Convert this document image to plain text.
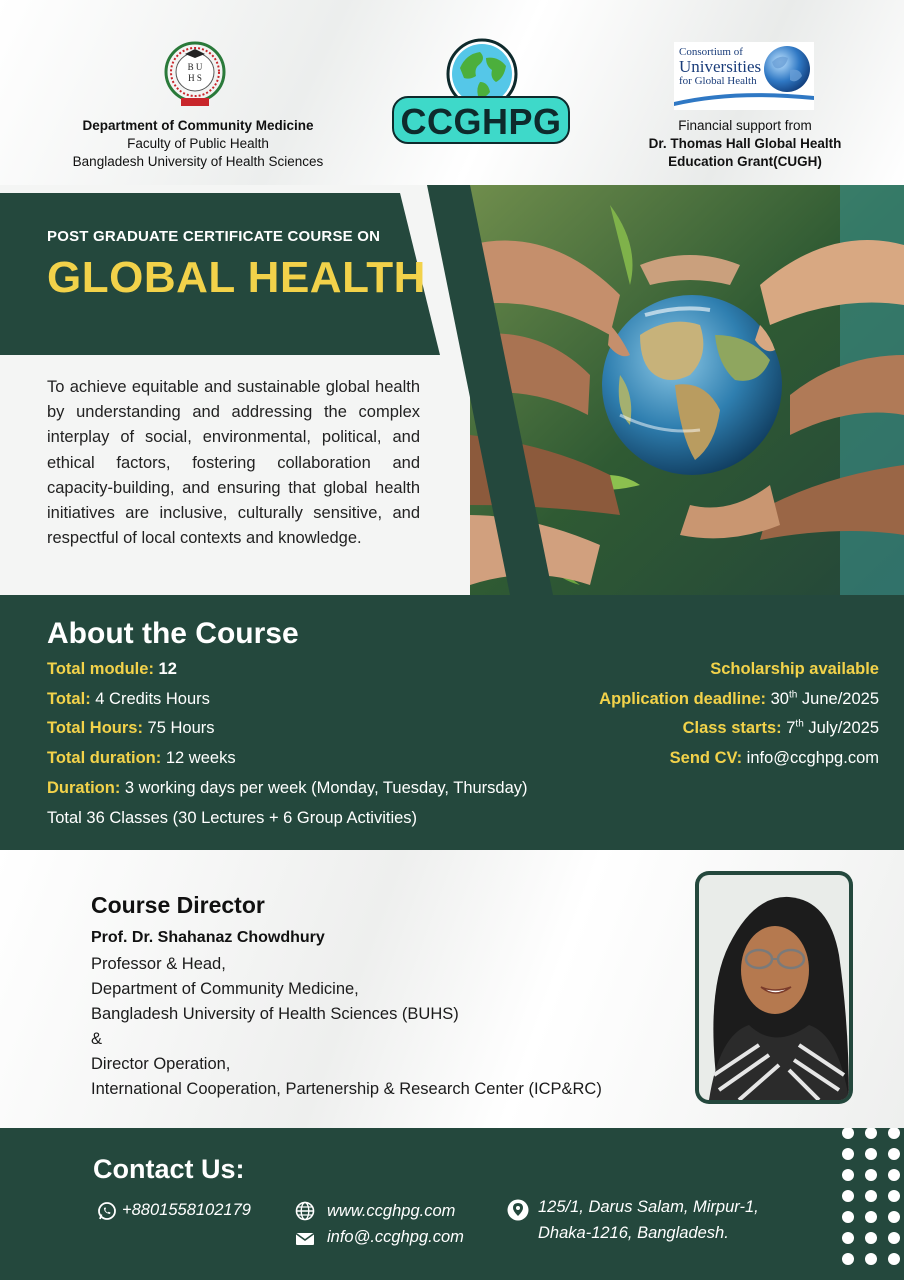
B U
H S
Department of Community Medicine
Faculty of Public Health
Bangladesh University of Health Sciences
CCGHPG
Consortium of
Universities
for Global Health
Financial support from
Dr. Thomas Hall Global Health
Education Grant(CUGH)
POST GRADUATE CERTIFICATE COURSE ON
GLOBAL HEALTH

To achieve equitable and sustainable global health by understanding and addressing the complex interplay of social, environmental, political, and ethical factors, fostering collaboration and capacity-building, and ensuring that global health initiatives are inclusive, culturally sensitive, and respectful of local contexts and knowledge.

About the Course
Total module: 12
Total: 4 Credits Hours
Total Hours: 75 Hours
Total duration: 12 weeks
Duration: 3 working days per week (Monday, Tuesday, Thursday)
Total 36 Classes (30 Lectures + 6 Group Activities)
Scholarship available
Application deadline: 30th June/2025
Class starts: 7th July/2025
Send CV: info@ccghpg.com
Course Director
Prof. Dr. Shahanaz Chowdhury
Professor & Head,
Department of Community Medicine,
Bangladesh University of Health Sciences (BUHS)
&
Director Operation,
International Cooperation, Partenership & Research Center (ICP&RC)
Contact Us:
+8801558102179	www.ccghpg.com
info@.ccghpg.com
125/1, Darus Salam, Mirpur-1,
Dhaka-1216, Bangladesh.
